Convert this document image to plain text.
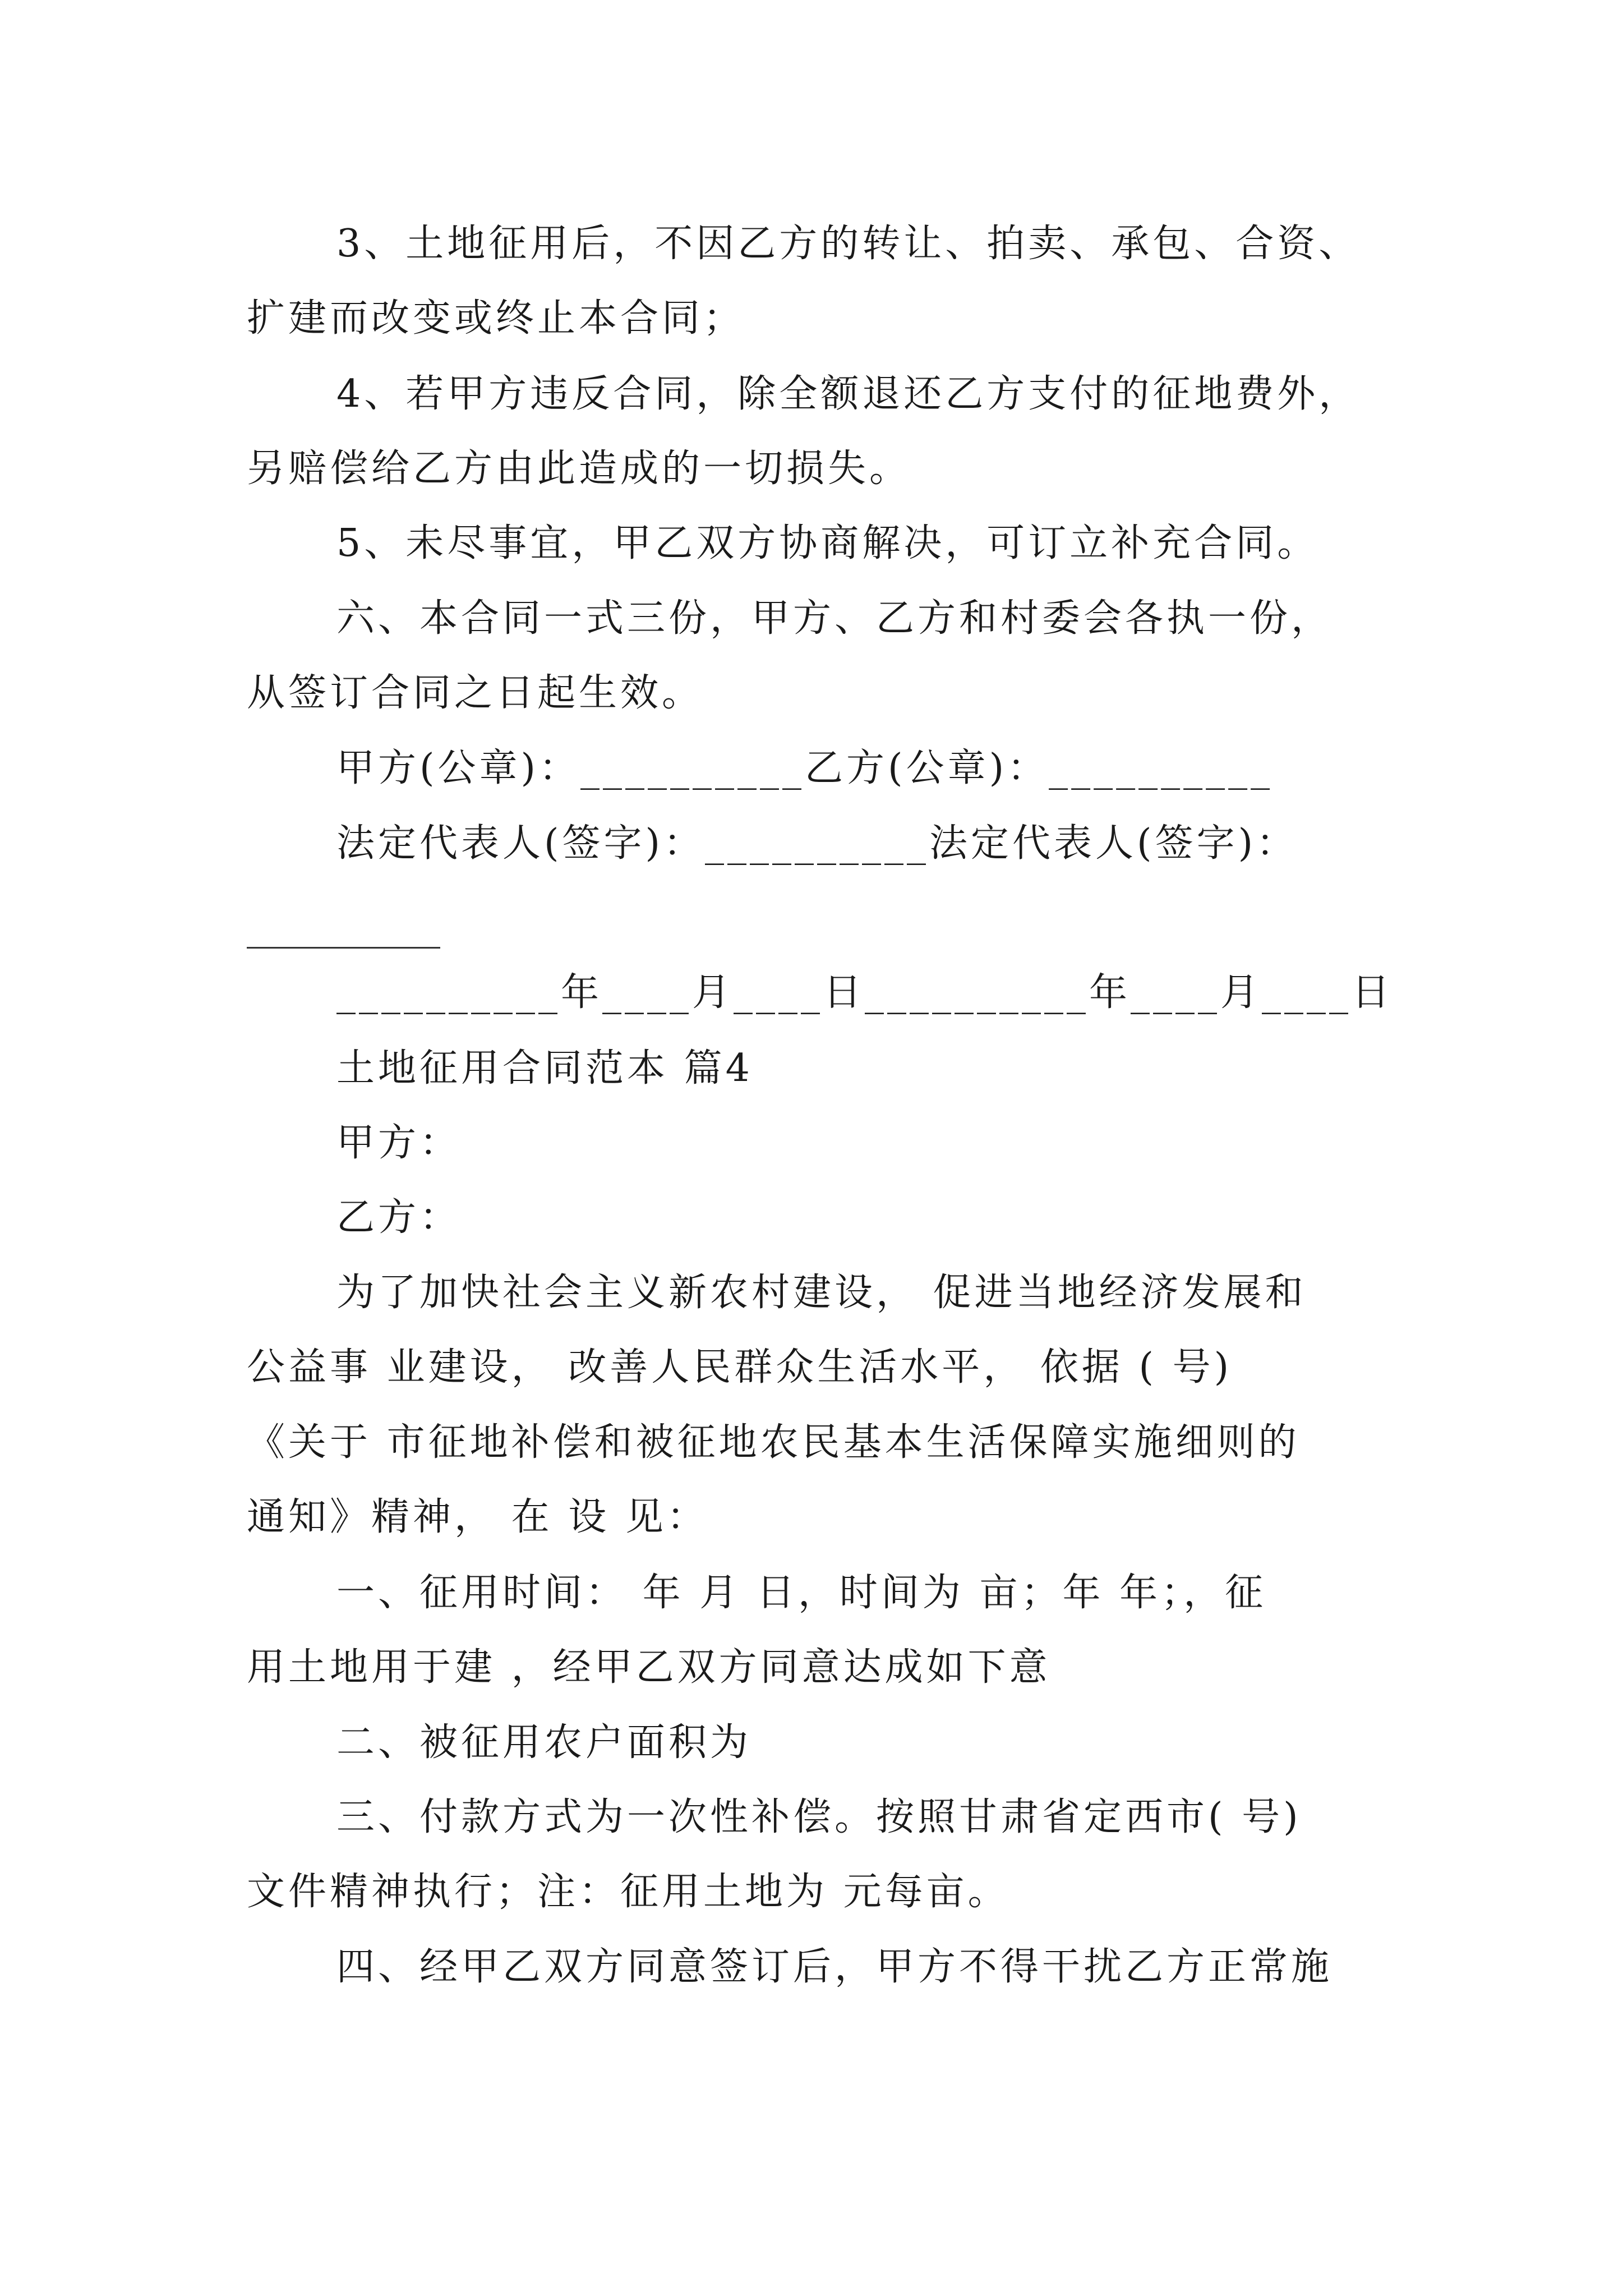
3、土地征用后，不因乙方的转让、拍卖、承包、合资、
扩建而改变或终止本合同；
4、若甲方违反合同，除全额退还乙方支付的征地费外，
另赔偿给乙方由此造成的一切损失。
5、未尽事宜，甲乙双方协商解决，可订立补充合同。
六、本合同一式三份，甲方、乙方和村委会各执一份，
从签订合同之日起生效。
甲方(公章)：__________乙方(公章)：__________
法定代表人(签字)：__________法定代表人(签字)：
__________年____月____日__________年____月____日
土地征用合同范本 篇4
甲方：
乙方：
为了加快社会主义新农村建设， 促进当地经济发展和
公益事 业建设， 改善人民群众生活水平， 依据 ( 号)
《关于 市征地补偿和被征地农民基本生活保障实施细则的
通知》精神， 在 设 见：
一、征用时间： 年 月 日，时间为 亩；年 年；，征
用土地用于建 ，经甲乙双方同意达成如下意
二、被征用农户面积为
三、付款方式为一次性补偿。按照甘肃省定西市( 号)
文件精神执行；注：征用土地为 元每亩。
四、经甲乙双方同意签订后，甲方不得干扰乙方正常施
